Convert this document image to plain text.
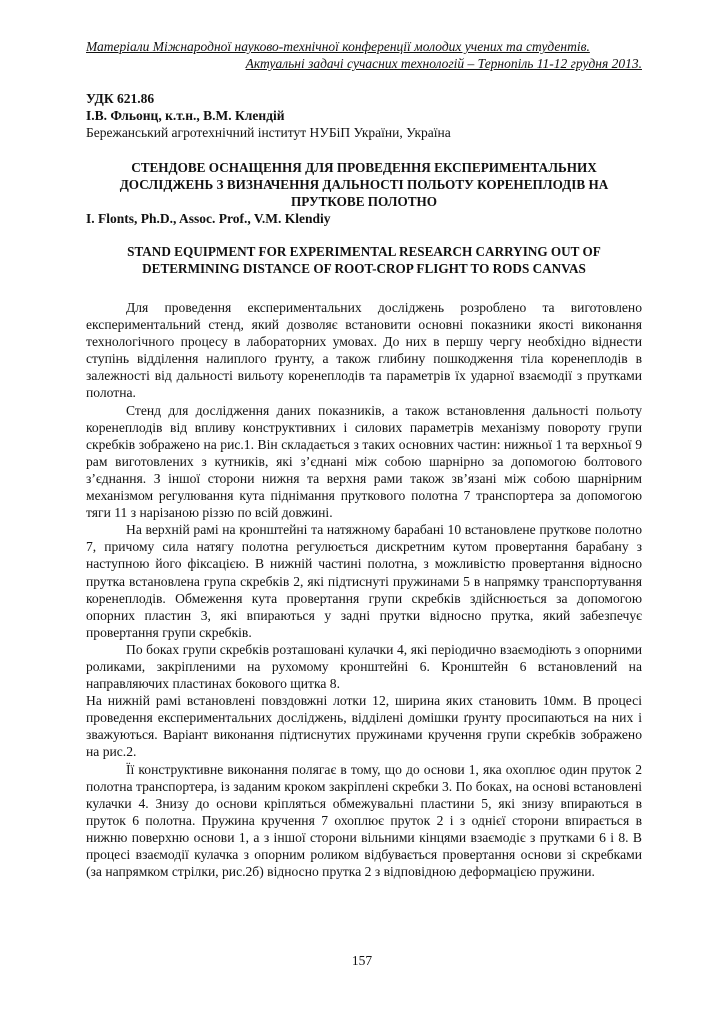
Матеріали Міжнародної науково-технічної конференції молодих учених та студентів.
Актуальні задачі сучасних технологій – Тернопіль 11-12 грудня 2013.
УДК 621.86
І.В. Фльонц, к.т.н., В.М. Клендій
Бережанський агротехнічний інститут НУБіП України, Україна
СТЕНДОВЕ ОСНАЩЕННЯ ДЛЯ ПРОВЕДЕННЯ ЕКСПЕРИМЕНТАЛЬНИХ ДОСЛІДЖЕНЬ З ВИЗНАЧЕННЯ ДАЛЬНОСТІ ПОЛЬОТУ КОРЕНЕПЛОДІВ НА ПРУТКОВЕ ПОЛОТНО
I. Flonts, Ph.D., Assoc. Prof., V.M. Klendiy
STAND EQUIPMENT FOR EXPERIMENTAL RESEARCH CARRYING OUT OF DETERMINING DISTANCE OF ROOT-CROP FLIGHT TO RODS CANVAS

Для проведення експериментальних досліджень розроблено та виготовлено експериментальний стенд, який дозволяє встановити основні показники якості виконання технологічного процесу в лабораторних умовах. До них в першу чергу необхідно віднести ступінь відділення налиплого ґрунту, а також глибину пошкодження тіла коренеплодів в залежності від дальності вильоту коренеплодів та параметрів їх ударної взаємодії з прутками полотна.

Стенд для дослідження даних показників, а також встановлення дальності польоту коренеплодів від впливу конструктивних і силових параметрів механізму повороту групи скребків зображено на рис.1. Він складається з таких основних частин: нижньої 1 та верхньої 9 рам виготовлених з кутників, які з’єднані між собою шарнірно за допомогою болтового з’єднання. З іншої сторони нижня та верхня рами також зв’язані між собою шарнірним механізмом регулювання кута піднімання пруткового полотна 7 транспортера за допомогою тяги 11 з нарізаною різзю по всій довжині.

На верхній рамі на кронштейні та натяжному барабані 10 встановлене пруткове полотно 7, причому сила натягу полотна регулюється дискретним кутом провертання барабану з наступною його фіксацією. В нижній частині полотна, з можливістю провертання відносно прутка встановлена група скребків 2, які підтиснуті пружинами 5 в напрямку транспортування коренеплодів. Обмеження кута провертання групи скребків здійснюється за допомогою опорних пластин 3, які впираються у задні прутки відносно прутка, який забезпечує провертання групи скребків.

По боках групи скребків розташовані кулачки 4, які періодично взаємодіють з опорними роликами, закріпленими на рухомому кронштейні 6. Кронштейн 6 встановлений на направляючих пластинах бокового щитка 8.

На нижній рамі встановлені повздовжні лотки 12, ширина яких становить 10мм. В процесі проведення експериментальних досліджень, відділені домішки ґрунту просипаються на них і зважуються. Варіант виконання підтиснутих пружинами кручення групи скребків зображено на рис.2.

Її конструктивне виконання полягає в тому, що до основи 1, яка охоплює один пруток 2 полотна транспортера, із заданим кроком закріплені скребки 3. По боках, на основі встановлені кулачки 4. Знизу до основи кріпляться обмежувальні пластини 5, які знизу впираються в пруток 6 полотна. Пружина кручення 7 охоплює пруток 2 і з однієї сторони впирається в нижню поверхню основи 1, а з іншої сторони вільними кінцями взаємодіє з прутками 6 і 8. В процесі взаємодії кулачка з опорним роликом відбувається провертання основи зі скребками (за напрямком стрілки, рис.2б) відносно прутка 2 з відповідною деформацією пружини.

157
